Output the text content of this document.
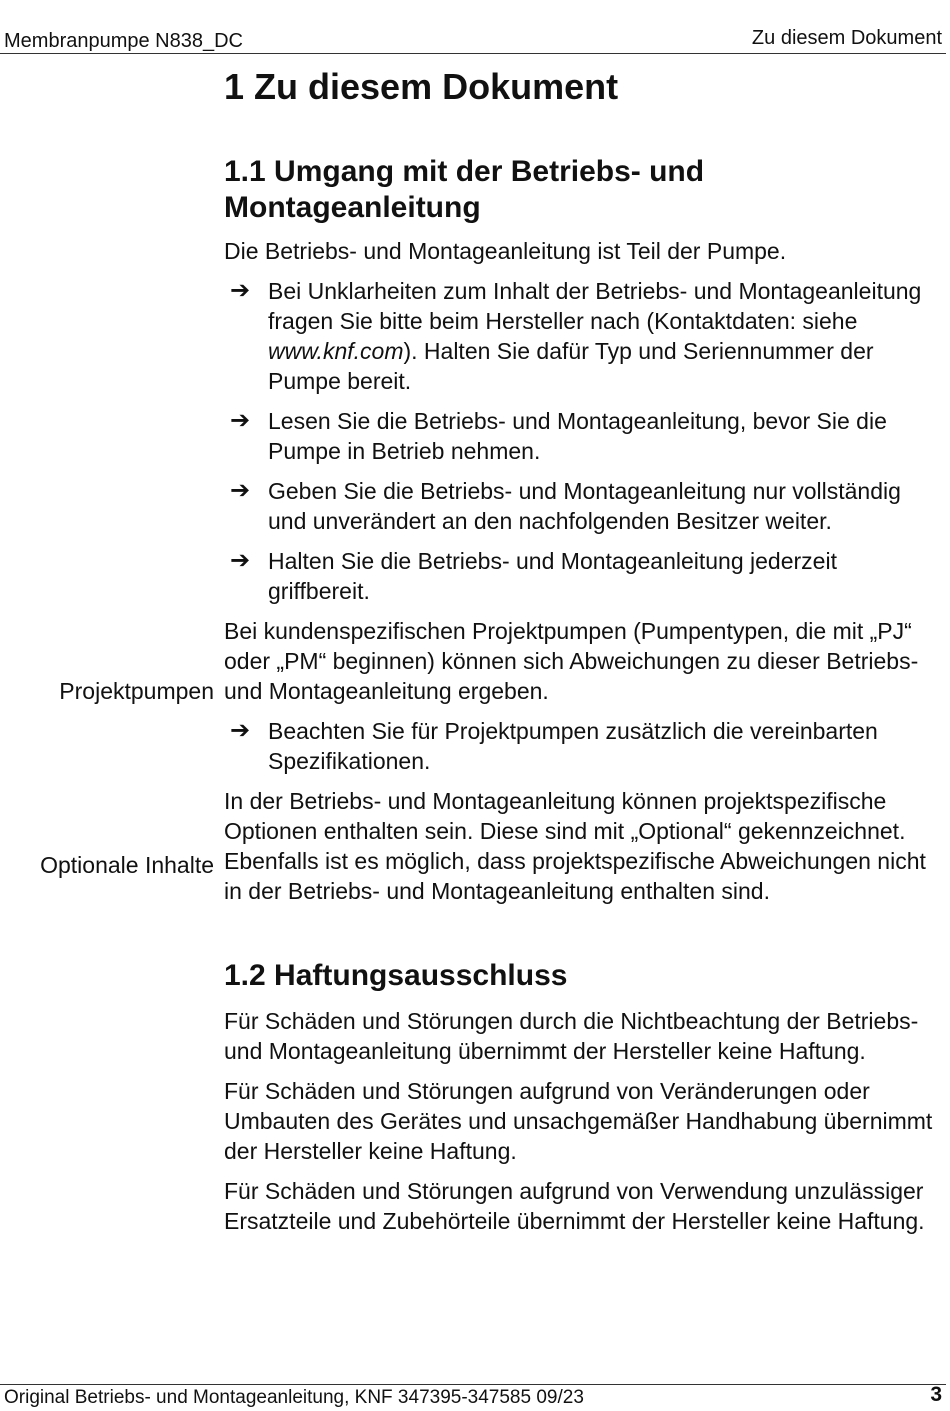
Membranpumpe N838_DC	Zu diesem Dokument
Projektpumpen
Optionale Inhalte
1 Zu diesem Dokument
1.1 Umgang mit der Betriebs- und
Montageanleitung

Die Betriebs- und Montageanleitung ist Teil der Pumpe.

➔ Bei Unklarheiten zum Inhalt der Betriebs- und Montageanleitung fragen Sie bitte beim Hersteller nach (Kontaktdaten: siehe www.knf.com). Halten Sie dafür Typ und Seriennummer der Pumpe bereit.

➔ Lesen Sie die Betriebs- und Montageanleitung, bevor Sie die Pumpe in Betrieb nehmen.

➔ Geben Sie die Betriebs- und Montageanleitung nur vollständig und unverändert an den nachfolgenden Besitzer weiter.

➔ Halten Sie die Betriebs- und Montageanleitung jederzeit griffbereit.

Bei kundenspezifischen Projektpumpen (Pumpentypen, die mit „PJ“ oder „PM“ beginnen) können sich Abweichungen zu dieser Betriebs- und Montageanleitung ergeben.

➔ Beachten Sie für Projektpumpen zusätzlich die vereinbarten Spezifikationen.

In der Betriebs- und Montageanleitung können projektspezifische Optionen enthalten sein. Diese sind mit „Optional“ gekennzeichnet. Ebenfalls ist es möglich, dass projektspezifische Abweichungen nicht in der Betriebs- und Montageanleitung enthalten sind.

1.2 Haftungsausschluss

Für Schäden und Störungen durch die Nichtbeachtung der Betriebs- und Montageanleitung übernimmt der Hersteller keine Haftung.

Für Schäden und Störungen aufgrund von Veränderungen oder Umbauten des Gerätes und unsachgemäßer Handhabung übernimmt der Hersteller keine Haftung.

Für Schäden und Störungen aufgrund von Verwendung unzulässiger Ersatzteile und Zubehörteile übernimmt der Hersteller keine Haftung.

Original Betriebs- und Montageanleitung, KNF 347395-347585 09/23	3
